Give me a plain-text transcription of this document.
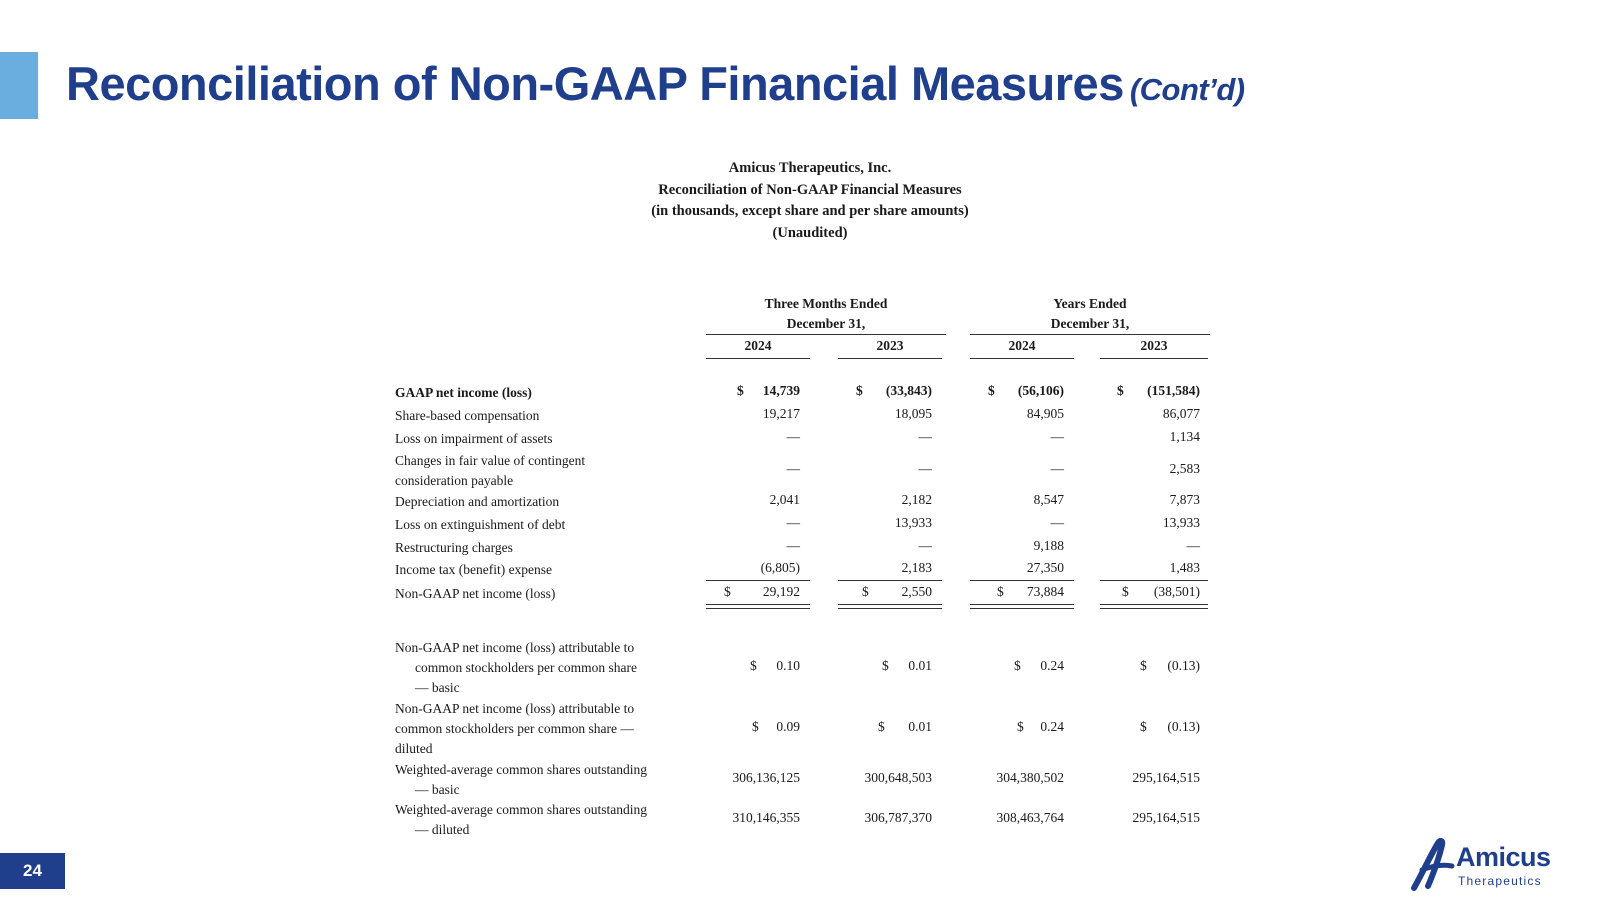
Reconciliation of Non-GAAP Financial Measures (Cont’d)
Amicus Therapeutics, Inc.
Reconciliation of Non-GAAP Financial Measures
(in thousands, except share and per share amounts)
(Unaudited)
Three Months Ended
December 31,
Years Ended
December 31,
2024	2023	2024	2023
GAAP net income (loss)	$	14,739	$	(33,843)	$	(56,106)	$	(151,584)
Share-based compensation	19,217	18,095	84,905	86,077
Loss on impairment of assets	—	—	—	1,134
Changes in fair value of contingent
consideration payable
—	—	—	2,583
Depreciation and amortization	2,041	2,182	8,547	7,873
Loss on extinguishment of debt	—	13,933	—	13,933
Restructuring charges	—	—	9,188	—
Income tax (benefit) expense	(6,805)	2,183	27,350	1,483
Non-GAAP net income (loss)	$	29,192	$	2,550	$	73,884	$	(38,501)
Non-GAAP net income (loss) attributable to
common stockholders per common share
— basic
$	0.10	$	0.01	$	0.24	$	(0.13)
Non-GAAP net income (loss) attributable to
common stockholders per common share —
diluted
$	0.09	$	0.01	$	0.24	$	(0.13)
Weighted-average common shares outstanding
— basic
306,136,125	300,648,503	304,380,502	295,164,515
Weighted-average common shares outstanding
— diluted
310,146,355	306,787,370	308,463,764	295,164,515
24	Amicus
Therapeutics
